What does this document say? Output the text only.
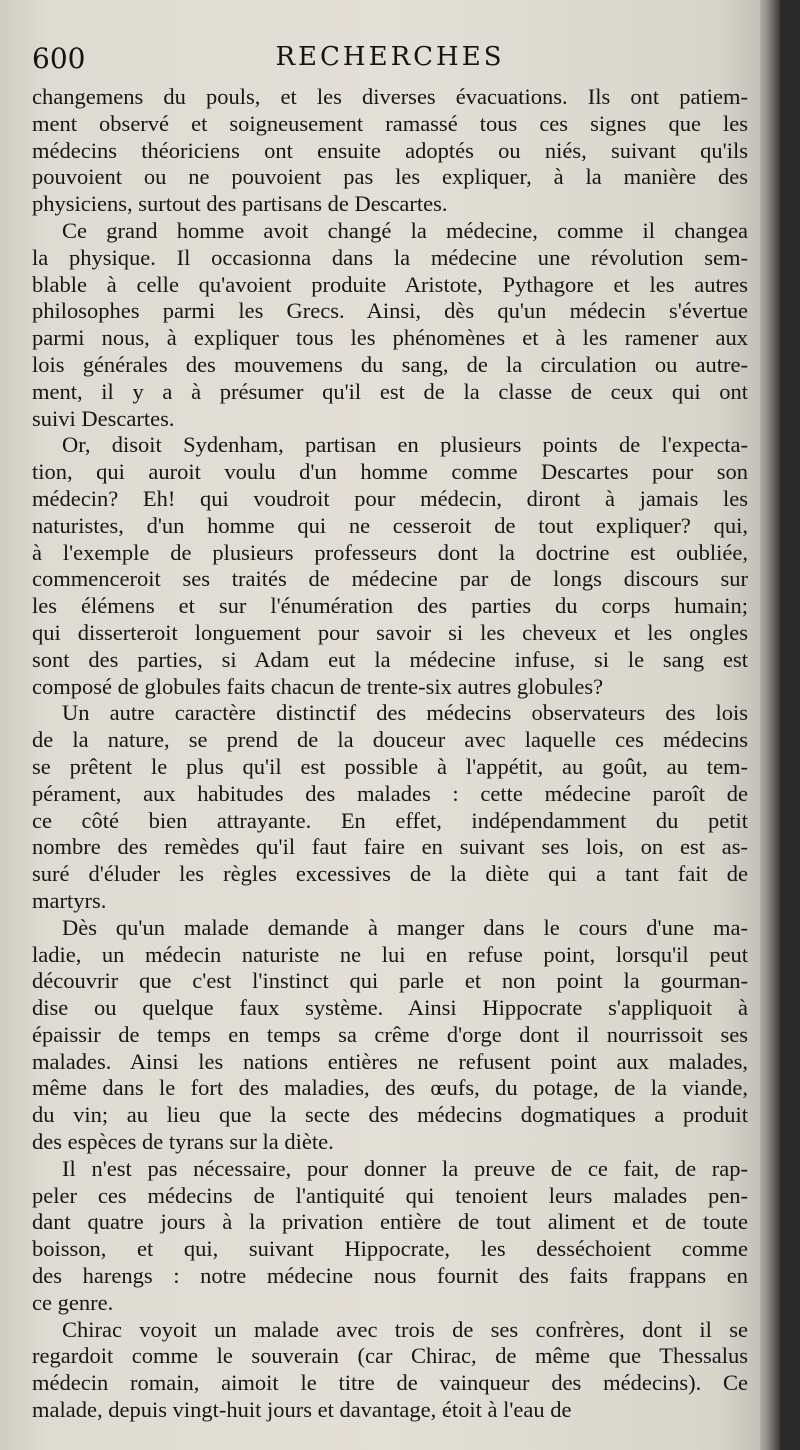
600	RECHERCHES
changemens du pouls, et les diverses évacuations. Ils ont patiem-
ment observé et soigneusement ramassé tous ces signes que les
médecins théoriciens ont ensuite adoptés ou niés, suivant qu'ils
pouvoient ou ne pouvoient pas les expliquer, à la manière des
physiciens, surtout des partisans de Descartes.
Ce grand homme avoit changé la médecine, comme il changea
la physique. Il occasionna dans la médecine une révolution sem-
blable à celle qu'avoient produite Aristote, Pythagore et les autres
philosophes parmi les Grecs. Ainsi, dès qu'un médecin s'évertue
parmi nous, à expliquer tous les phénomènes et à les ramener aux
lois générales des mouvemens du sang, de la circulation ou autre-
ment, il y a à présumer qu'il est de la classe de ceux qui ont
suivi Descartes.
Or, disoit Sydenham, partisan en plusieurs points de l'expecta-
tion, qui auroit voulu d'un homme comme Descartes pour son
médecin? Eh! qui voudroit pour médecin, diront à jamais les
naturistes, d'un homme qui ne cesseroit de tout expliquer? qui,
à l'exemple de plusieurs professeurs dont la doctrine est oubliée,
commenceroit ses traités de médecine par de longs discours sur
les élémens et sur l'énumération des parties du corps humain;
qui disserteroit longuement pour savoir si les cheveux et les ongles
sont des parties, si Adam eut la médecine infuse, si le sang est
composé de globules faits chacun de trente-six autres globules?
Un autre caractère distinctif des médecins observateurs des lois
de la nature, se prend de la douceur avec laquelle ces médecins
se prêtent le plus qu'il est possible à l'appétit, au goût, au tem-
pérament, aux habitudes des malades : cette médecine paroît de
ce côté bien attrayante. En effet, indépendamment du petit
nombre des remèdes qu'il faut faire en suivant ses lois, on est as-
suré d'éluder les règles excessives de la diète qui a tant fait de
martyrs.
Dès qu'un malade demande à manger dans le cours d'une ma-
ladie, un médecin naturiste ne lui en refuse point, lorsqu'il peut
découvrir que c'est l'instinct qui parle et non point la gourman-
dise ou quelque faux système. Ainsi Hippocrate s'appliquoit à
épaissir de temps en temps sa crême d'orge dont il nourrissoit ses
malades. Ainsi les nations entières ne refusent point aux malades,
même dans le fort des maladies, des œufs, du potage, de la viande,
du vin; au lieu que la secte des médecins dogmatiques a produit
des espèces de tyrans sur la diète.
Il n'est pas nécessaire, pour donner la preuve de ce fait, de rap-
peler ces médecins de l'antiquité qui tenoient leurs malades pen-
dant quatre jours à la privation entière de tout aliment et de toute
boisson, et qui, suivant Hippocrate, les desséchoient comme
des harengs : notre médecine nous fournit des faits frappans en
ce genre.
Chirac voyoit un malade avec trois de ses confrères, dont il se
regardoit comme le souverain (car Chirac, de même que Thessalus
médecin romain, aimoit le titre de vainqueur des médecins). Ce
malade, depuis vingt-huit jours et davantage, étoit à l'eau de
